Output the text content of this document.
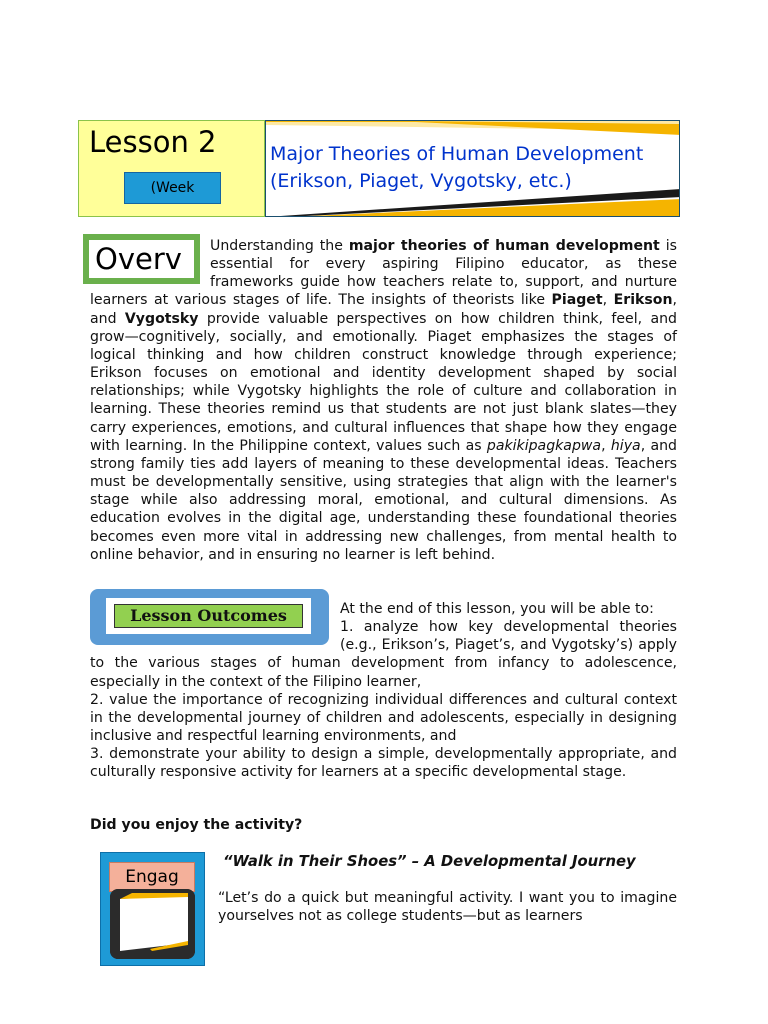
Lesson 2
(Week
Major Theories of Human Development
(Erikson, Piaget, Vygotsky, etc.)
Overv	Understanding the major theories of human development is essential for every aspiring Filipino educator, as these frameworks guide how teachers relate to, support, and nurture learners at various stages of life. The insights of theorists like Piaget, Erikson, and Vygotsky provide valuable perspectives on how children think, feel, and grow—cognitively, socially, and emotionally. Piaget emphasizes the stages of logical thinking and how children construct knowledge through experience; Erikson focuses on emotional and identity development shaped by social relationships; while Vygotsky highlights the role of culture and collaboration in learning. These theories remind us that students are not just blank slates—they carry experiences, emotions, and cultural influences that shape how they engage with learning. In the Philippine context, values such as pakikipagkapwa, hiya, and strong family ties add layers of meaning to these developmental ideas. Teachers must be developmentally sensitive, using strategies that align with the learner's stage while also addressing moral, emotional, and cultural dimensions. As education evolves in the digital age, understanding these foundational theories becomes even more vital in addressing new challenges, from mental health to online behavior, and in ensuring no learner is left behind.
Lesson Outcomes	At the end of this lesson, you will be able to:
1. analyze how key developmental theories (e.g., Erikson’s, Piaget’s, and Vygotsky’s) apply to the various stages of human development from infancy to adolescence, especially in the context of the Filipino learner,
2. value the importance of recognizing individual differences and cultural context in the developmental journey of children and adolescents, especially in designing inclusive and respectful learning environments, and
3. demonstrate your ability to design a simple, developmentally appropriate, and culturally responsive activity for learners at a specific developmental stage.
Did you enjoy the activity?
Engag
“Walk in Their Shoes” – A Developmental Journey
“Let’s do a quick but meaningful activity. I want you to imagine yourselves not as college students—but as learners
